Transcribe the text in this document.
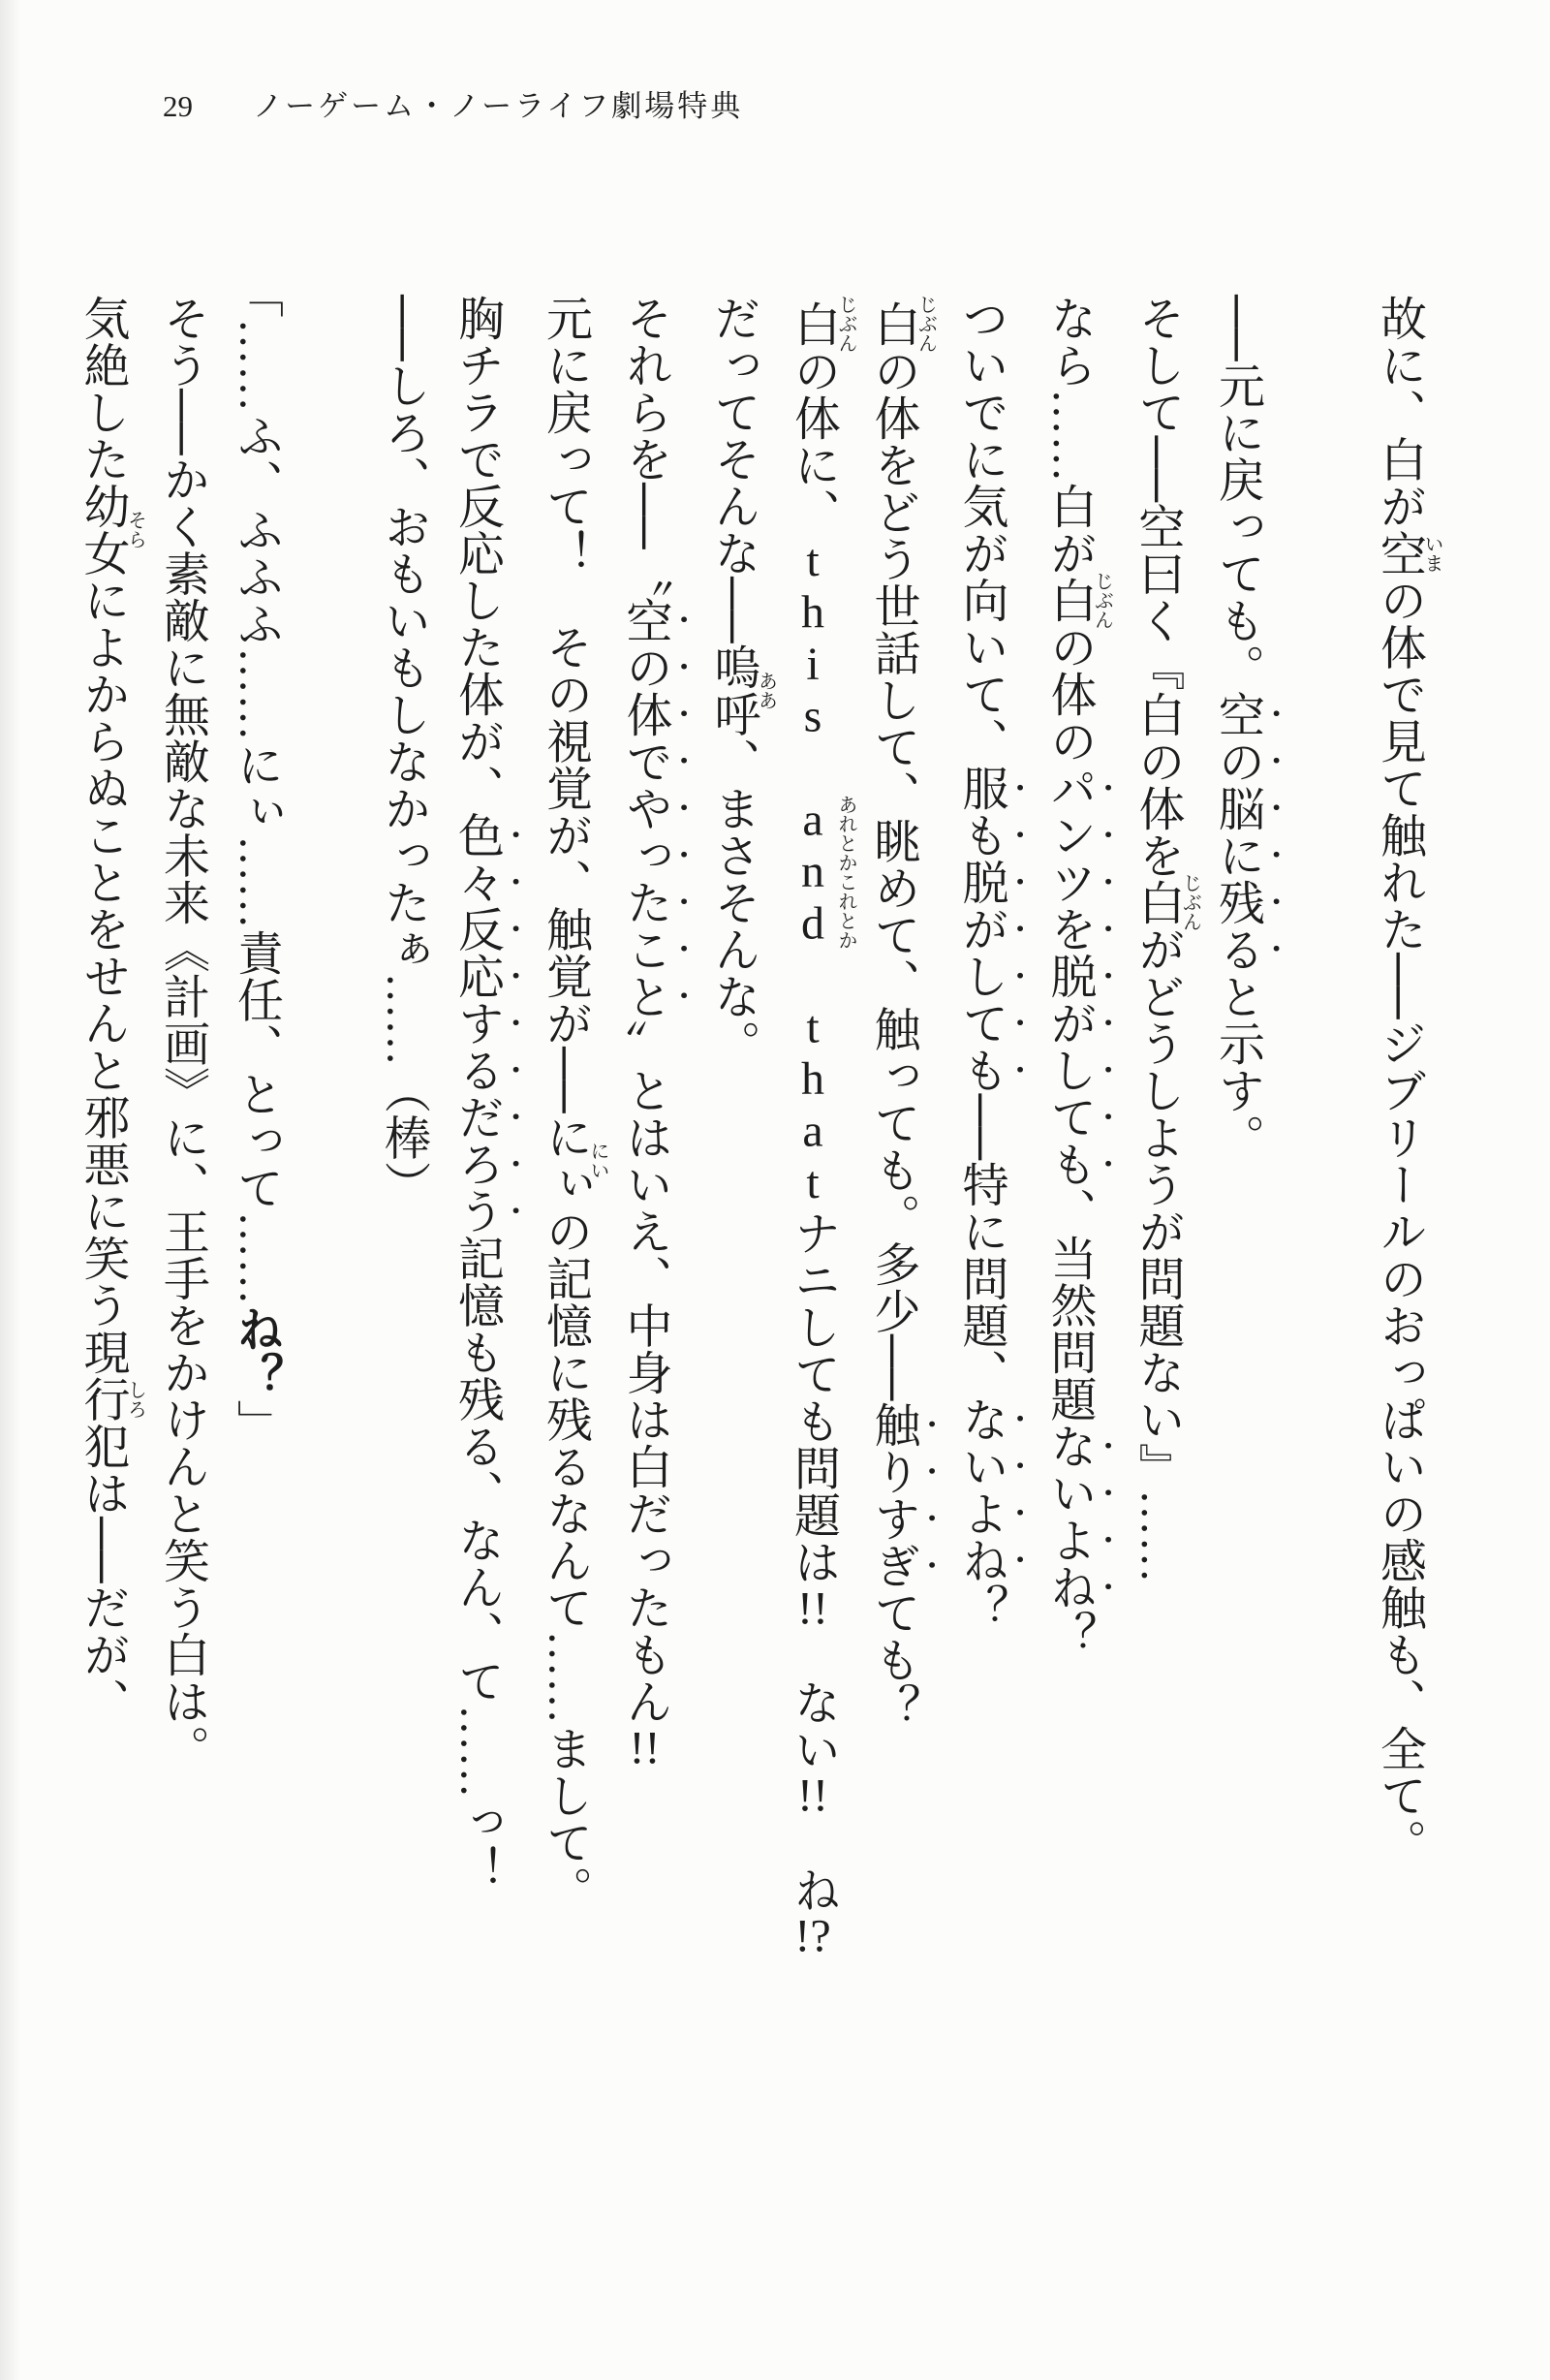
29 ノーゲーム・ノーライフ劇場特典

故に、白が空いまの体で見て触れた──ジブリールのおっぱいの感触も、全て。

──元に戻っても。空の脳に残ると示す。

そして──空曰く『白の体を白じぶんがどうしようが問題ない』……

なら……白が白じぶんの体のパンツを脱がしても、当然問題ないよね？

ついでに気が向いて、服も脱がしても──特に問題、ないよね？

白じぶんの体をどう世話して、眺めて、触っても。多少──触りすぎても？

白じぶんの体に、this and thatあれとかこれとかナニしても問題は!!　ない!!　ね!?

だってそんな──嗚呼ああ、まさそんな。

それらを──〝空の体でやったこと〟とはいえ、中身は白だったもん!!

元に戻って！　その視覚が、触覚が──にぃにいの記憶に残るなんて……まして。

胸チラで反応した体が、色々反応するだろう記憶も残る、なん、て……っ！

──しろ、おもいもしなかったぁ……（棒）

「……ふ、ふふふ……にぃ……責任、とって……ね？」

そう──かく素敵に無敵な未来《計画》に、王手をかけんと笑う白は。

気絶した幼女そらによからぬことをせんと邪悪に笑う現行犯しろは──だが、
